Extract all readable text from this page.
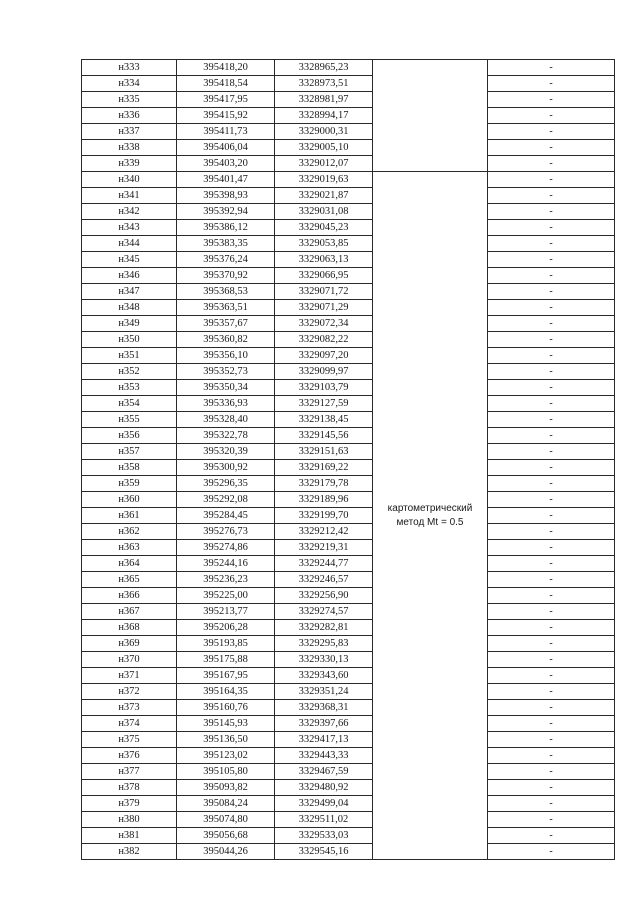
н333	395418,20	3328965,23		-
н334	395418,54	3328973,51		-
н335	395417,95	3328981,97		-
н336	395415,92	3328994,17		-
н337	395411,73	3329000,31		-
н338	395406,04	3329005,10		-
н339	395403,20	3329012,07		-
н340	395401,47	3329019,63	картометрический метод Mt = 0.5	-
н341	395398,93	3329021,87		-
н342	395392,94	3329031,08		-
н343	395386,12	3329045,23		-
н344	395383,35	3329053,85		-
н345	395376,24	3329063,13		-
н346	395370,92	3329066,95		-
н347	395368,53	3329071,72		-
н348	395363,51	3329071,29		-
н349	395357,67	3329072,34		-
н350	395360,82	3329082,22		-
н351	395356,10	3329097,20		-
н352	395352,73	3329099,97		-
н353	395350,34	3329103,79		-
н354	395336,93	3329127,59		-
н355	395328,40	3329138,45		-
н356	395322,78	3329145,56		-
н357	395320,39	3329151,63		-
н358	395300,92	3329169,22		-
н359	395296,35	3329179,78		-
н360	395292,08	3329189,96		-
н361	395284,45	3329199,70		-
н362	395276,73	3329212,42		-
н363	395274,86	3329219,31		-
н364	395244,16	3329244,77		-
н365	395236,23	3329246,57		-
н366	395225,00	3329256,90		-
н367	395213,77	3329274,57		-
н368	395206,28	3329282,81		-
н369	395193,85	3329295,83		-
н370	395175,88	3329330,13		-
н371	395167,95	3329343,60		-
н372	395164,35	3329351,24		-
н373	395160,76	3329368,31		-
н374	395145,93	3329397,66		-
н375	395136,50	3329417,13		-
н376	395123,02	3329443,33		-
н377	395105,80	3329467,59		-
н378	395093,82	3329480,92		-
н379	395084,24	3329499,04		-
н380	395074,80	3329511,02		-
н381	395056,68	3329533,03		-
н382	395044,26	3329545,16		-
